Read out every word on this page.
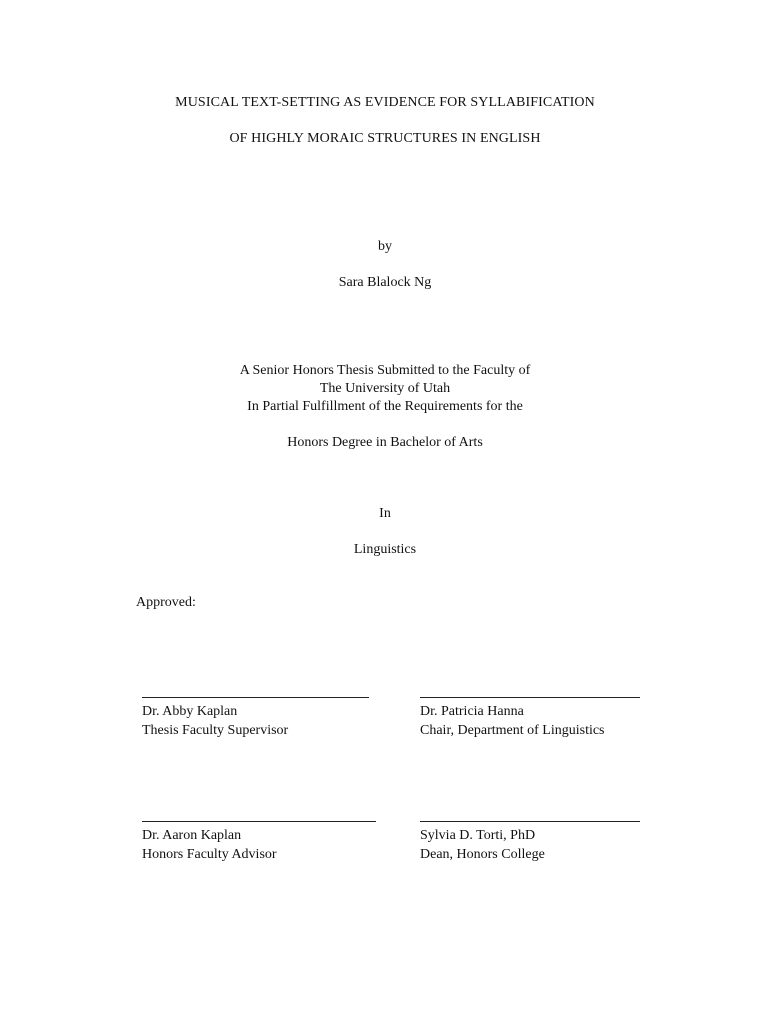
MUSICAL TEXT-SETTING AS EVIDENCE FOR SYLLABIFICATION
OF HIGHLY MORAIC STRUCTURES IN ENGLISH
by
Sara Blalock Ng
A Senior Honors Thesis Submitted to the Faculty of
The University of Utah
In Partial Fulfillment of the Requirements for the
Honors Degree in Bachelor of Arts
In
Linguistics
Approved:
Dr. Abby Kaplan
Thesis Faculty Supervisor
Dr. Patricia Hanna
Chair, Department of Linguistics
Dr. Aaron Kaplan
Honors Faculty Advisor
Sylvia D. Torti, PhD
Dean, Honors College
